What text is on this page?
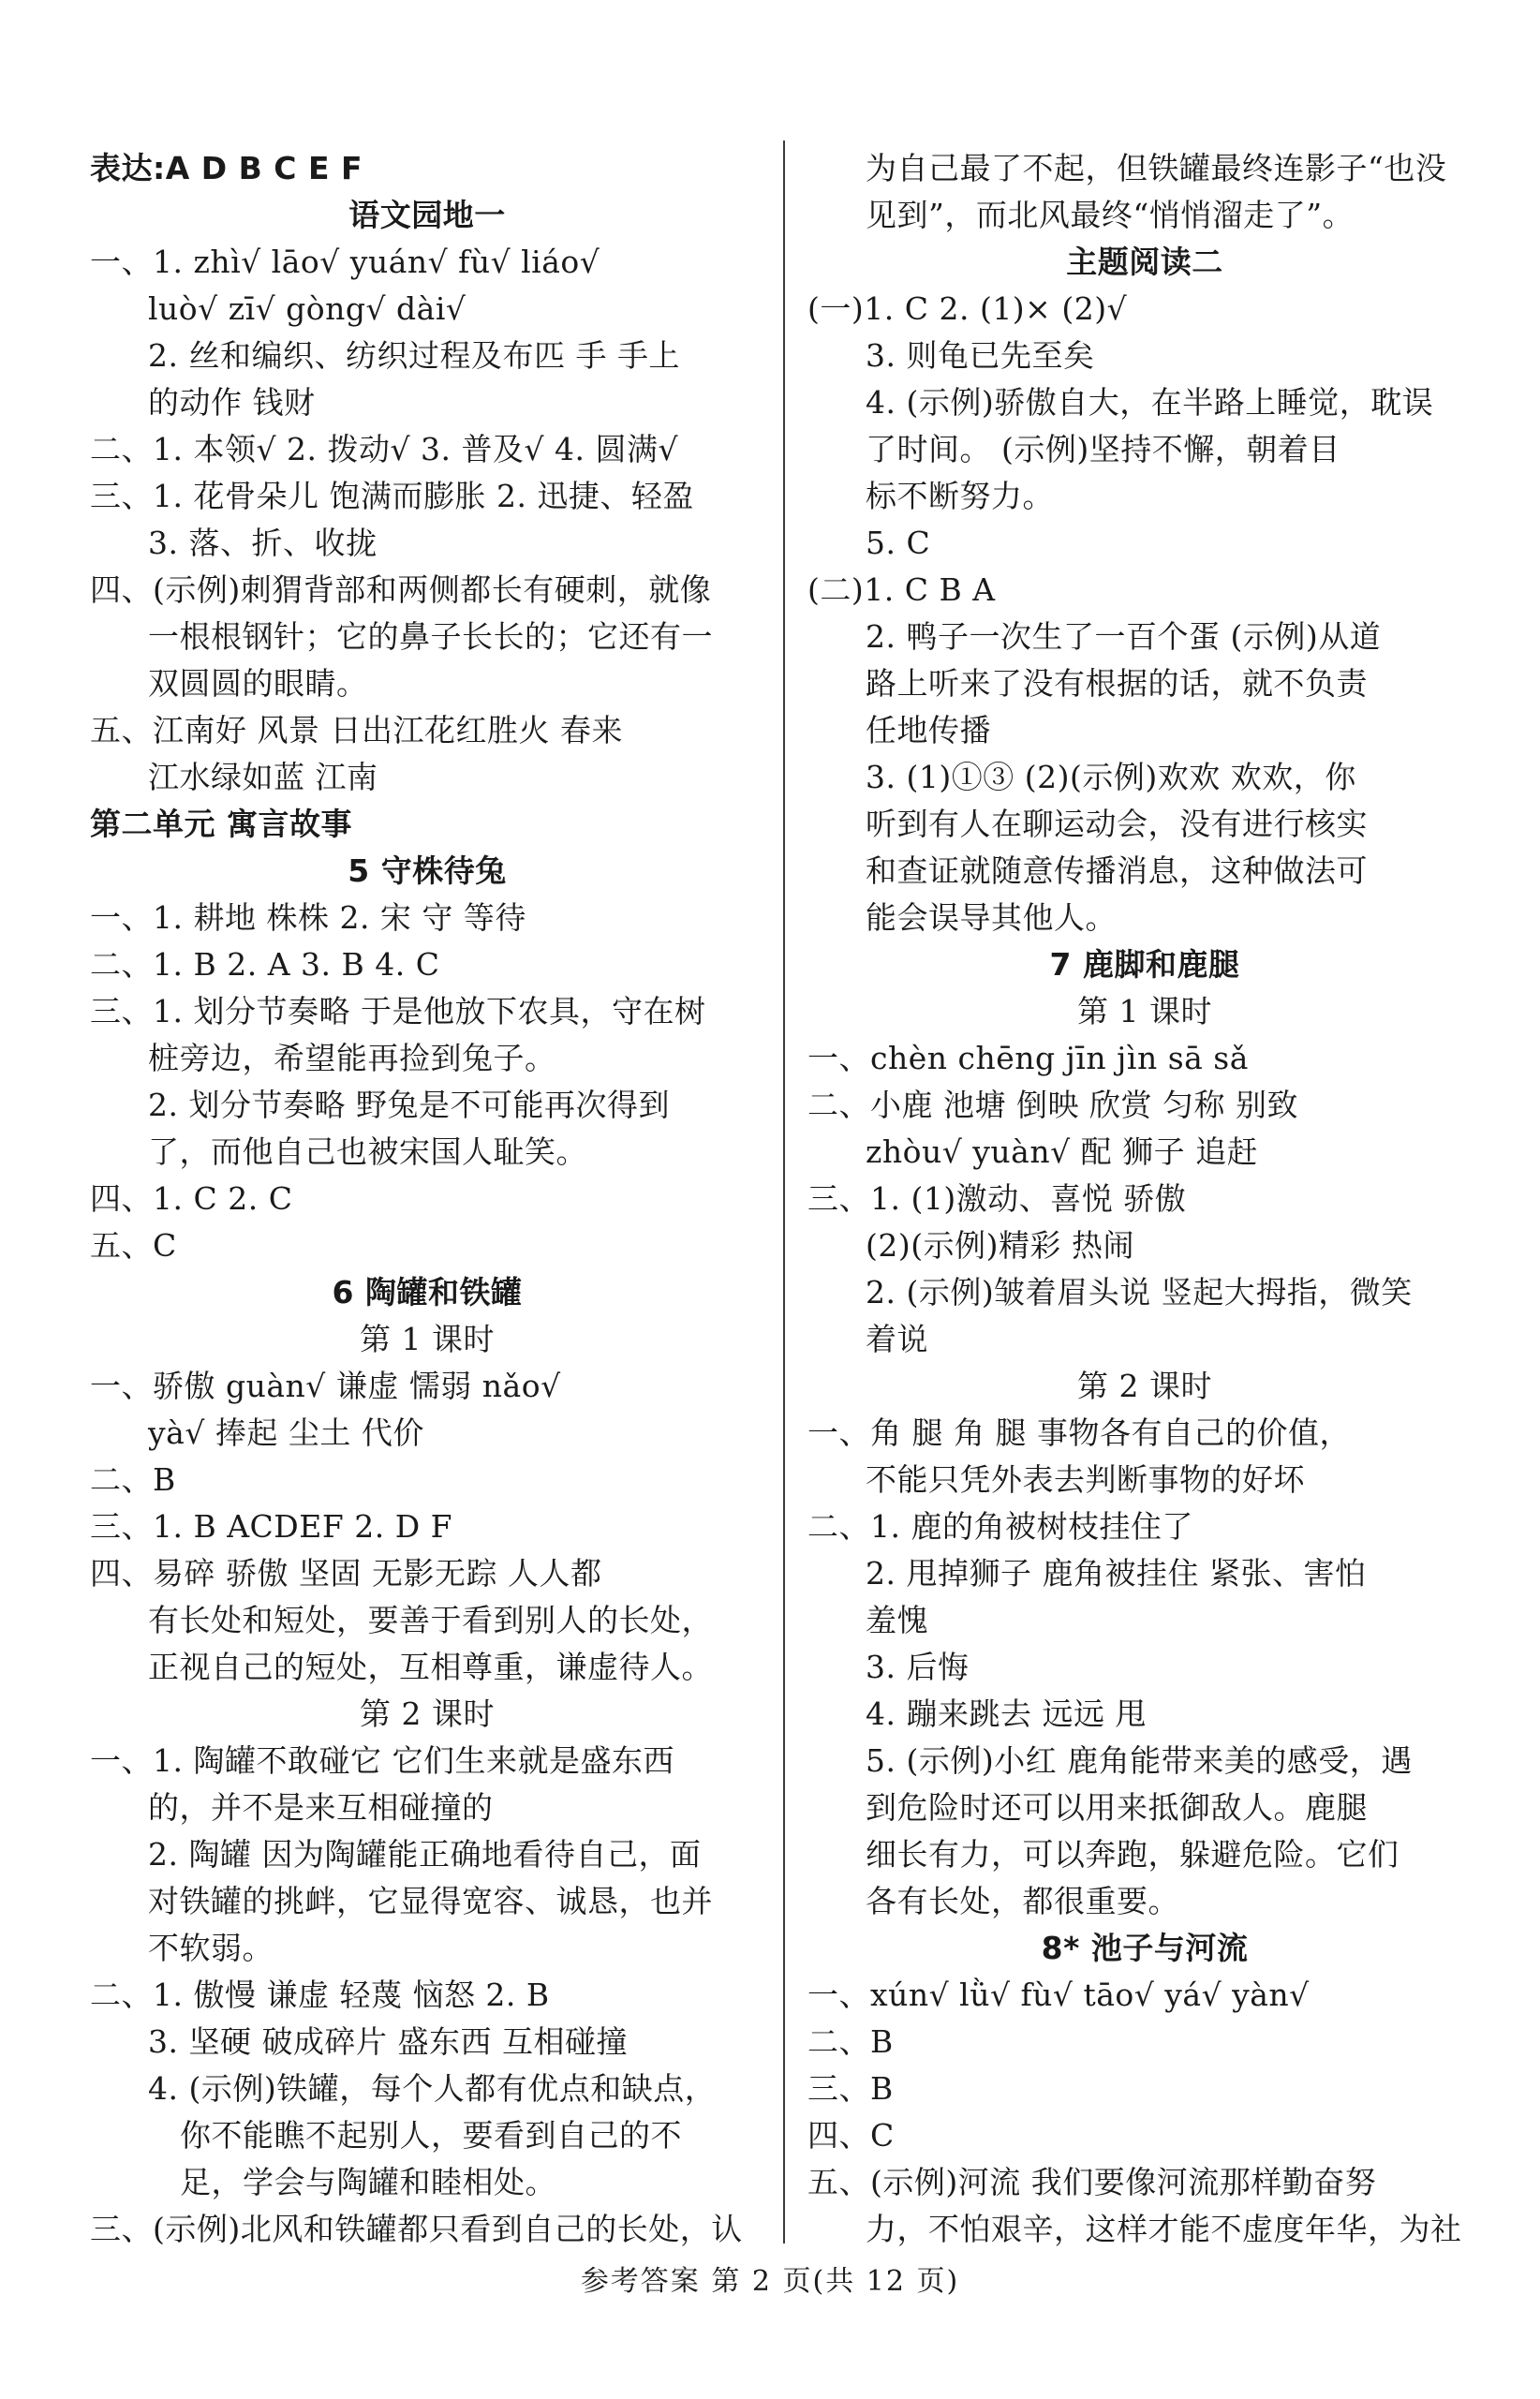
表达:A D B C E F
语文园地一
一、1. zhì√ lāo√ yuán√ fù√ liáo√
luò√ zī√ gòng√ dài√
2. 丝和编织、纺织过程及布匹 手 手上
的动作 钱财
二、1. 本领√ 2. 拨动√ 3. 普及√ 4. 圆满√
三、1. 花骨朵儿 饱满而膨胀 2. 迅捷、轻盈
3. 落、折、收拢
四、(示例)刺猬背部和两侧都长有硬刺，就像
一根根钢针；它的鼻子长长的；它还有一
双圆圆的眼睛。
五、江南好 风景 日出江花红胜火 春来
江水绿如蓝 江南
第二单元 寓言故事
5 守株待兔
一、1. 耕地 株株 2. 宋 守 等待
二、1. B 2. A 3. B 4. C
三、1. 划分节奏略 于是他放下农具，守在树
桩旁边，希望能再捡到兔子。
2. 划分节奏略 野兔是不可能再次得到
了，而他自己也被宋国人耻笑。
四、1. C 2. C
五、C
6 陶罐和铁罐
第 1 课时
一、骄傲 guàn√ 谦虚 懦弱 nǎo√
yà√ 捧起 尘土 代价
二、B
三、1. B ACDEF 2. D F
四、易碎 骄傲 坚固 无影无踪 人人都
有长处和短处，要善于看到别人的长处，
正视自己的短处，互相尊重，谦虚待人。
第 2 课时
一、1. 陶罐不敢碰它 它们生来就是盛东西
的，并不是来互相碰撞的
2. 陶罐 因为陶罐能正确地看待自己，面
对铁罐的挑衅，它显得宽容、诚恳，也并
不软弱。
二、1. 傲慢 谦虚 轻蔑 恼怒 2. B
3. 坚硬 破成碎片 盛东西 互相碰撞
4. (示例)铁罐，每个人都有优点和缺点，
你不能瞧不起别人，要看到自己的不
足，学会与陶罐和睦相处。
三、(示例)北风和铁罐都只看到自己的长处，认
为自己最了不起，但铁罐最终连影子“也没
见到”，而北风最终“悄悄溜走了”。
主题阅读二
(一)1. C 2. (1)× (2)√
3. 则龟已先至矣
4. (示例)骄傲自大，在半路上睡觉，耽误
了时间。 (示例)坚持不懈，朝着目
标不断努力。
5. C
(二)1. C B A
2. 鸭子一次生了一百个蛋 (示例)从道
路上听来了没有根据的话，就不负责
任地传播
3. (1)①③ (2)(示例)欢欢 欢欢，你
听到有人在聊运动会，没有进行核实
和查证就随意传播消息，这种做法可
能会误导其他人。
7 鹿脚和鹿腿
第 1 课时
一、chèn chēng jīn jìn sā sǎ
二、小鹿 池塘 倒映 欣赏 匀称 别致
zhòu√ yuàn√ 配 狮子 追赶
三、1. (1)激动、喜悦 骄傲
(2)(示例)精彩 热闹
2. (示例)皱着眉头说 竖起大拇指，微笑
着说
第 2 课时
一、角 腿 角 腿 事物各有自己的价值，
不能只凭外表去判断事物的好坏
二、1. 鹿的角被树枝挂住了
2. 甩掉狮子 鹿角被挂住 紧张、害怕
羞愧
3. 后悔
4. 蹦来跳去 远远 甩
5. (示例)小红 鹿角能带来美的感受，遇
到危险时还可以用来抵御敌人。鹿腿
细长有力，可以奔跑，躲避危险。它们
各有长处，都很重要。
8* 池子与河流
一、xún√ lǜ√ fù√ tāo√ yá√ yàn√
二、B
三、B
四、C
五、(示例)河流 我们要像河流那样勤奋努
力，不怕艰辛，这样才能不虚度年华，为社
参考答案 第 2 页(共 12 页)
